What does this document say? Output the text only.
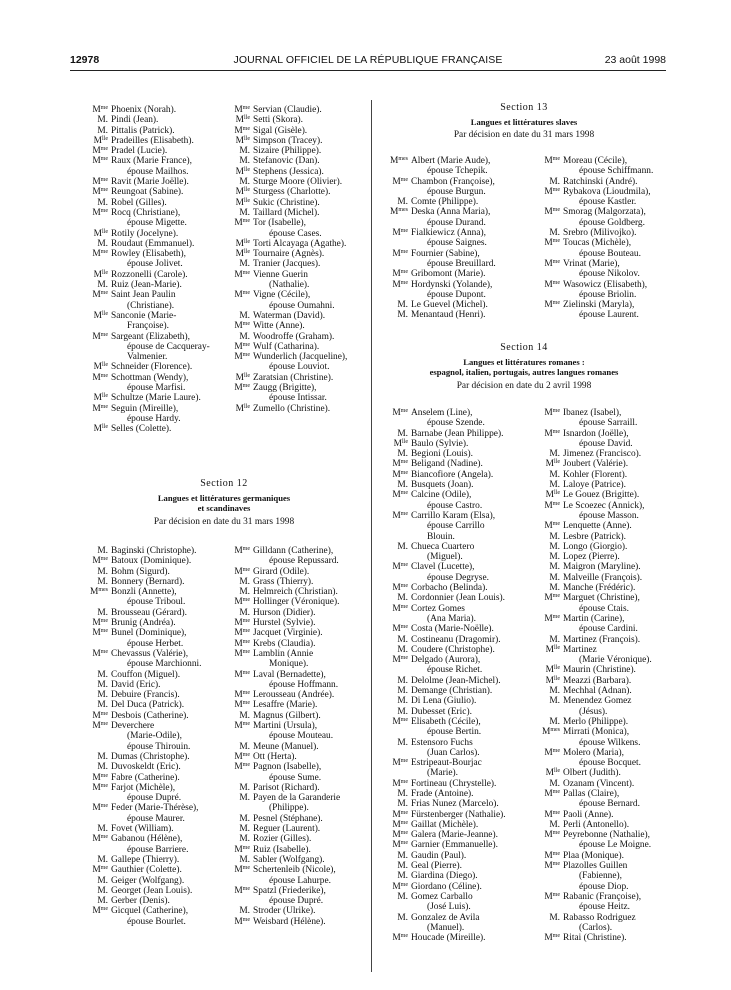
12978	JOURNAL OFFICIEL DE LA RÉPUBLIQUE FRANÇAISE	23 août 1998
$M^{me}$ Phoenix (Norah).
M. Pindi (Jean).
M. Pittalis (Patrick).
$M^{lle}$ Pradeilles (Elisabeth).
$M^{me}$ Pradel (Lucie).
$M^{me}$ Raux (Marie France),
épouse Mailhos.
$M^{me}$ Ravit (Marie Joëlle).
$M^{me}$ Reungoat (Sabine).
M. Robel (Gilles).
$M^{me}$ Rocq (Christiane),
épouse Migette.
$M^{lle}$ Rotily (Jocelyne).
M. Roudaut (Emmanuel).
$M^{me}$ Rowley (Elisabeth),
épouse Jolivet.
$M^{lle}$ Rozzonelli (Carole).
M. Ruiz (Jean-Marie).
$M^{me}$ Saint Jean Paulin
(Christiane).
$M^{lle}$ Sanconie (Marie-
Françoise).
$M^{me}$ Sargeant (Elizabeth),
épouse de Cacqueray-
Valmenier.
$M^{lle}$ Schneider (Florence).
$M^{me}$ Schottman (Wendy),
épouse Marfisi.
$M^{lle}$ Schultze (Marie Laure).
$M^{me}$ Seguin (Mireille),
épouse Hardy.
$M^{lle}$ Selles (Colette).
$M^{me}$ Servian (Claudie).
$M^{lle}$ Setti (Skora).
$M^{me}$ Sigal (Gisèle).
$M^{lle}$ Simpson (Tracey).
M. Sizaire (Philippe).
M. Stefanovic (Dan).
$M^{lle}$ Stephens (Jessica).
M. Sturge Moore (Olivier).
$M^{lle}$ Sturgess (Charlotte).
$M^{lle}$ Sukic (Christine).
M. Taillard (Michel).
$M^{me}$ Tor (Isabelle),
épouse Cases.
$M^{lle}$ Torti Alcayaga (Agathe).
$M^{lle}$ Tournaire (Agnès).
M. Tranier (Jacques).
$M^{me}$ Vienne Guerin
(Nathalie).
$M^{me}$ Vigne (Cécile),
épouse Oumahni.
M. Waterman (David).
$M^{me}$ Witte (Anne).
M. Woodroffe (Graham).
$M^{me}$ Wulf (Catharina).
$M^{me}$ Wunderlich (Jacqueline),
épouse Louviot.
$M^{lle}$ Zaratsian (Christine).
$M^{me}$ Zaugg (Brigitte),
épouse Intissar.
$M^{lle}$ Zumello (Christine).
Section 12
Langues et littératures germaniques
et scandinaves
Par décision en date du 31 mars 1998
M. Baginski (Christophe).
$M^{me}$ Batoux (Dominique).
M. Bohm (Sigurd).
M. Bonnery (Bernard).
$M^{mes}$ Bonzli (Annette),
épouse Triboul.
M. Brousseau (Gérard).
$M^{me}$ Brunig (Andréa).
$M^{me}$ Bunel (Dominique),
épouse Herbet.
$M^{me}$ Chevassus (Valérie),
épouse Marchionni.
M. Couffon (Miguel).
M. David (Eric).
M. Debuire (Francis).
M. Del Duca (Patrick).
$M^{me}$ Desbois (Catherine).
$M^{me}$ Deverchere
(Marie-Odile),
épouse Thirouin.
M. Dumas (Christophe).
M. Duvoskeldt (Eric).
$M^{me}$ Fabre (Catherine).
$M^{me}$ Farjot (Michèle),
épouse Dupré.
$M^{me}$ Feder (Marie-Thérèse),
épouse Maurer.
M. Fovet (William).
$M^{me}$ Gabanou (Hélène),
épouse Barriere.
M. Gallepe (Thierry).
$M^{me}$ Gauthier (Colette).
M. Geiger (Wolfgang).
M. Georget (Jean Louis).
M. Gerber (Denis).
$M^{me}$ Gicquel (Catherine),
épouse Bourlet.
$M^{me}$ Gilldann (Catherine),
épouse Repussard.
$M^{me}$ Girard (Odile).
M. Grass (Thierry).
M. Helmreich (Christian).
$M^{me}$ Hollinger (Véronique).
M. Hurson (Didier).
$M^{me}$ Hurstel (Sylvie).
$M^{me}$ Jacquet (Virginie).
$M^{me}$ Krebs (Claudia).
$M^{me}$ Lamblin (Annie
Monique).
$M^{me}$ Laval (Bernadette),
épouse Hoffmann.
$M^{me}$ Lerousseau (Andrée).
$M^{me}$ Lesaffre (Marie).
M. Magnus (Gilbert).
$M^{me}$ Martini (Ursula),
épouse Mouteau.
M. Meune (Manuel).
$M^{me}$ Ott (Herta).
$M^{me}$ Pagnon (Isabelle),
épouse Sume.
M. Parisot (Richard).
M. Payen de la Garanderie
(Philippe).
M. Pesnel (Stéphane).
M. Reguer (Laurent).
M. Rozier (Gilles).
$M^{me}$ Ruiz (Isabelle).
M. Sabler (Wolfgang).
$M^{me}$ Schertenleib (Nicole),
épouse Lahurpe.
$M^{me}$ Spatzl (Friederike),
épouse Dupré.
M. Stroder (Ulrike).
$M^{me}$ Weisbard (Hélène).
Section 13
Langues et littératures slaves
Par décision en date du 31 mars 1998
$M^{mes}$ Albert (Marie Aude),
épouse Tchepik.
$M^{me}$ Chambon (Françoise),
épouse Burgun.
M. Comte (Philippe).
$M^{mes}$ Deska (Anna Maria),
épouse Durand.
$M^{me}$ Fialkiewicz (Anna),
épouse Saignes.
$M^{me}$ Fournier (Sabine),
épouse Breuillard.
$M^{me}$ Gribomont (Marie).
$M^{me}$ Hordynski (Yolande),
épouse Dupont.
M. Le Guevel (Michel).
M. Menantaud (Henri).
$M^{me}$ Moreau (Cécile),
épouse Schiffmann.
M. Ratchinski (André).
$M^{me}$ Rybakova (Lioudmila),
épouse Kastler.
$M^{me}$ Smorag (Malgorzata),
épouse Goldberg.
M. Srebro (Milivojko).
$M^{me}$ Toucas (Michèle),
épouse Bouteau.
$M^{me}$ Vrinat (Marie),
épouse Nikolov.
$M^{me}$ Wasowicz (Elisabeth),
épouse Briolin.
$M^{me}$ Zielinski (Maryla),
épouse Laurent.
Section 14
Langues et littératures romanes :
espagnol, italien, portugais, autres langues romanes
Par décision en date du 2 avril 1998
$M^{me}$ Anselem (Line),
épouse Szende.
M. Barnabe (Jean Philippe).
$M^{lle}$ Baulo (Sylvie).
M. Begioni (Louis).
$M^{me}$ Beligand (Nadine).
$M^{me}$ Biancofiore (Angela).
M. Busquets (Joan).
$M^{me}$ Calcine (Odile),
épouse Castro.
$M^{me}$ Carrillo Karam (Elsa),
épouse Carrillo
Blouin.
M. Chueca Cuartero
(Miguel).
$M^{me}$ Clavel (Lucette),
épouse Degryse.
$M^{me}$ Corbacho (Belinda).
M. Cordonnier (Jean Louis).
$M^{me}$ Cortez Gomes
(Ana Maria).
$M^{me}$ Costa (Marie-Noëlle).
M. Costineanu (Dragomir).
M. Coudere (Christophe).
$M^{me}$ Delgado (Aurora),
épouse Richet.
M. Delolme (Jean-Michel).
M. Demange (Christian).
M. Di Lena (Giulio).
M. Dubesset (Eric).
$M^{me}$ Elisabeth (Cécile),
épouse Bertin.
M. Estensoro Fuchs
(Juan Carlos).
$M^{me}$ Estripeaut-Bourjac
(Marie).
$M^{me}$ Fortineau (Chrystelle).
M. Frade (Antoine).
M. Frias Nunez (Marcelo).
$M^{me}$ Fürstenberger (Nathalie).
$M^{me}$ Gaillat (Michèle).
$M^{me}$ Galera (Marie-Jeanne).
$M^{me}$ Garnier (Emmanuelle).
M. Gaudin (Paul).
M. Geal (Pierre).
M. Giardina (Diego).
$M^{me}$ Giordano (Céline).
M. Gomez Carballo
(José Luis).
M. Gonzalez de Avila
(Manuel).
$M^{me}$ Houcade (Mireille).
$M^{me}$ Ibanez (Isabel),
épouse Sarraill.
$M^{me}$ Isnardon (Joëlle),
épouse David.
M. Jimenez (Francisco).
$M^{lle}$ Joubert (Valérie).
M. Kohler (Florent).
M. Laloye (Patrice).
$M^{lle}$ Le Gouez (Brigitte).
$M^{me}$ Le Scoezec (Annick),
épouse Masson.
$M^{me}$ Lenquette (Anne).
M. Lesbre (Patrick).
M. Longo (Giorgio).
M. Lopez (Pierre).
M. Maigron (Maryline).
M. Malveille (François).
M. Manche (Frédéric).
$M^{me}$ Marguet (Christine),
épouse Ctais.
$M^{me}$ Martin (Carine),
épouse Cardini.
M. Martinez (François).
$M^{lle}$ Martinez
(Marie Véronique).
$M^{lle}$ Maurin (Christine).
$M^{lle}$ Meazzi (Barbara).
M. Mechhal (Adnan).
M. Menendez Gomez
(Jésus).
M. Merlo (Philippe).
$M^{mes}$ Mirrati (Monica),
épouse Wilkens.
$M^{me}$ Molero (Maria),
épouse Bocquet.
$M^{lle}$ Olbert (Judith).
M. Ozanam (Vincent).
$M^{me}$ Pallas (Claire),
épouse Bernard.
$M^{me}$ Paoli (Anne).
M. Perli (Antonello).
$M^{me}$ Peyrebonne (Nathalie),
épouse Le Moigne.
$M^{me}$ Plaa (Monique).
$M^{me}$ Plazolles Guillen
(Fabienne),
épouse Diop.
$M^{me}$ Rabanic (Françoise),
épouse Heitz.
M. Rabasso Rodriguez
(Carlos).
$M^{me}$ Ritai (Christine).
